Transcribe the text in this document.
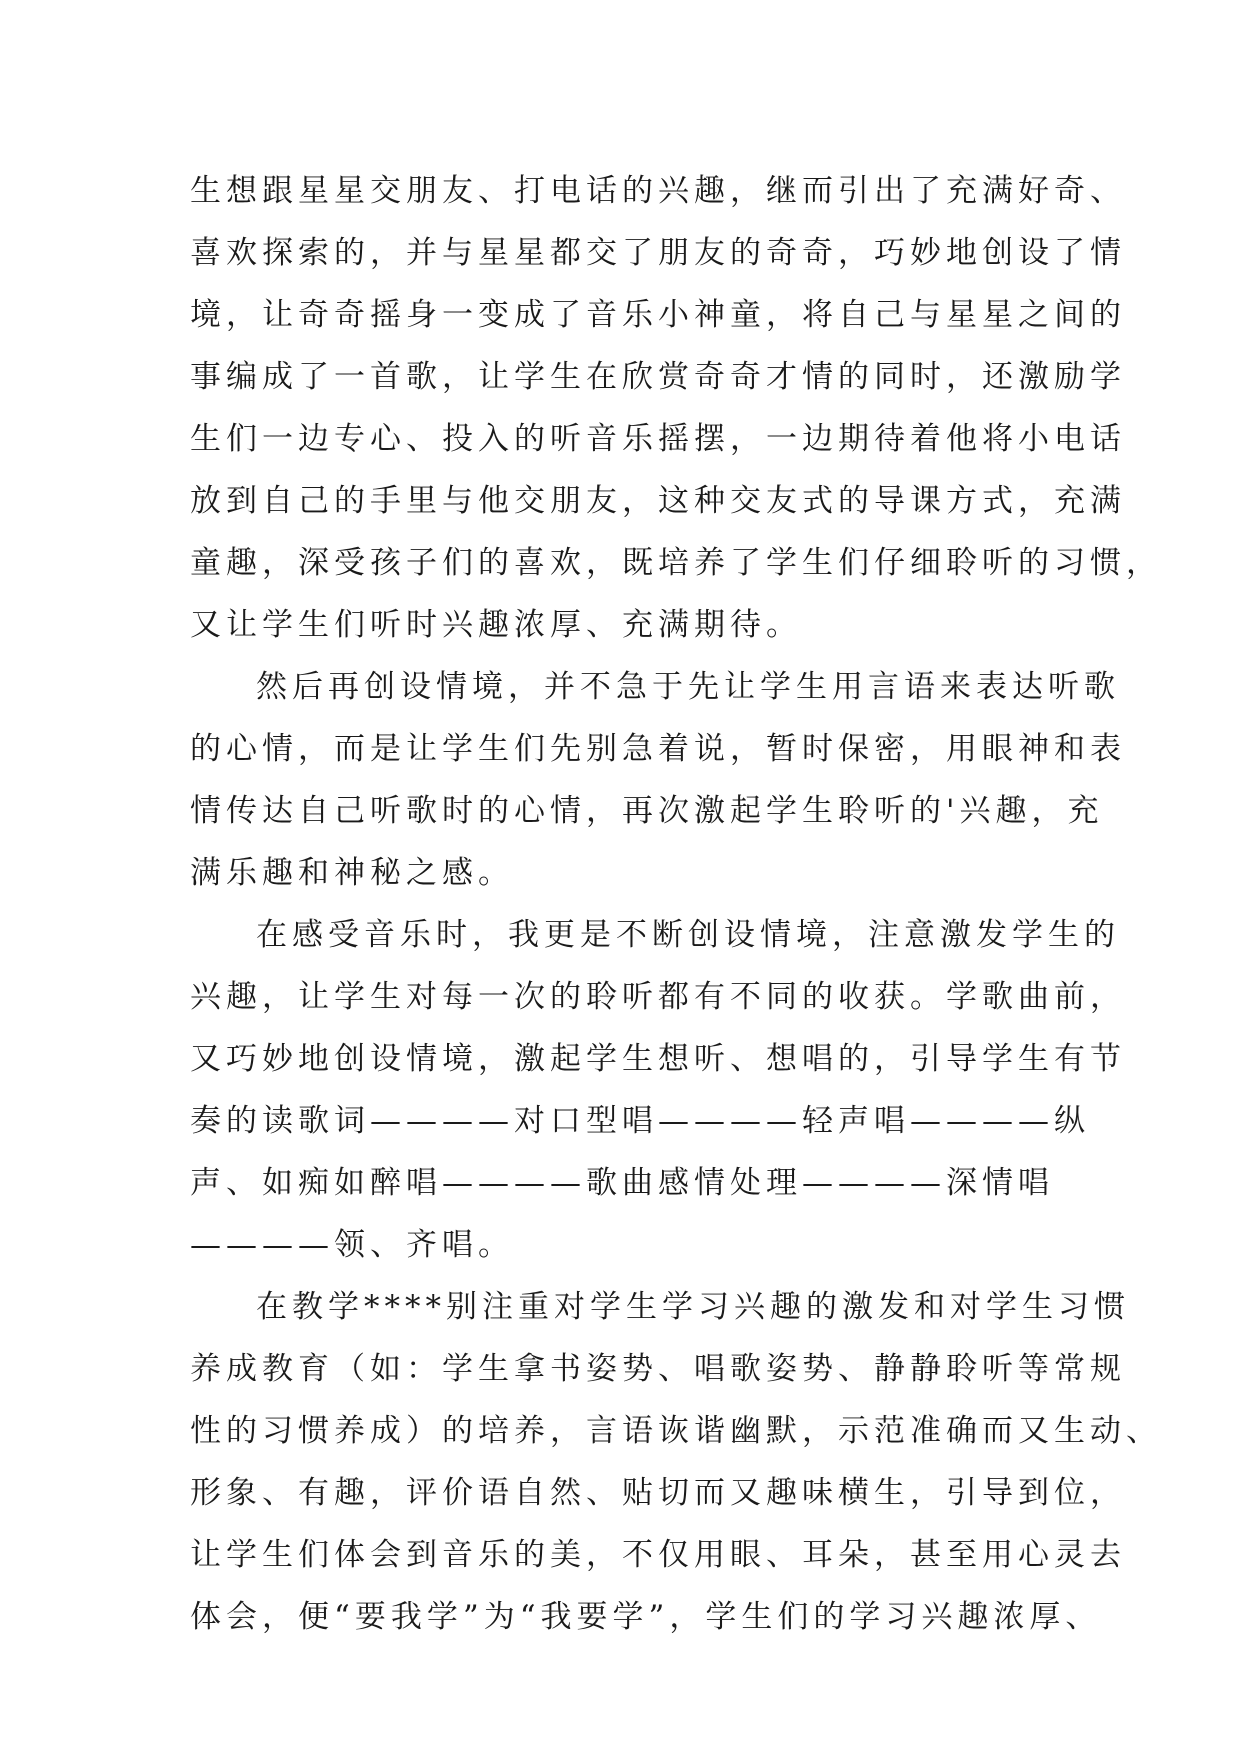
生想跟星星交朋友、打电话的兴趣，继而引出了充满好奇、
喜欢探索的，并与星星都交了朋友的奇奇，巧妙地创设了情
境，让奇奇摇身一变成了音乐小神童，将自己与星星之间的
事编成了一首歌，让学生在欣赏奇奇才情的同时，还激励学
生们一边专心、投入的听音乐摇摆，一边期待着他将小电话
放到自己的手里与他交朋友，这种交友式的导课方式，充满
童趣，深受孩子们的喜欢，既培养了学生们仔细聆听的习惯，
又让学生们听时兴趣浓厚、充满期待。
然后再创设情境，并不急于先让学生用言语来表达听歌
的心情，而是让学生们先别急着说，暂时保密，用眼神和表
情传达自己听歌时的心情，再次激起学生聆听的'兴趣，充
满乐趣和神秘之感。
在感受音乐时，我更是不断创设情境，注意激发学生的
兴趣，让学生对每一次的聆听都有不同的收获。学歌曲前，
又巧妙地创设情境，激起学生想听、想唱的，引导学生有节
奏的读歌词————对口型唱————轻声唱————纵
声、如痴如醉唱————歌曲感情处理————深情唱
————领、齐唱。
在教学****别注重对学生学习兴趣的激发和对学生习惯
养成教育（如：学生拿书姿势、唱歌姿势、静静聆听等常规
性的习惯养成）的培养，言语诙谐幽默，示范准确而又生动、
形象、有趣，评价语自然、贴切而又趣味横生，引导到位，
让学生们体会到音乐的美，不仅用眼、耳朵，甚至用心灵去
体会，便“要我学”为“我要学”，学生们的学习兴趣浓厚、
